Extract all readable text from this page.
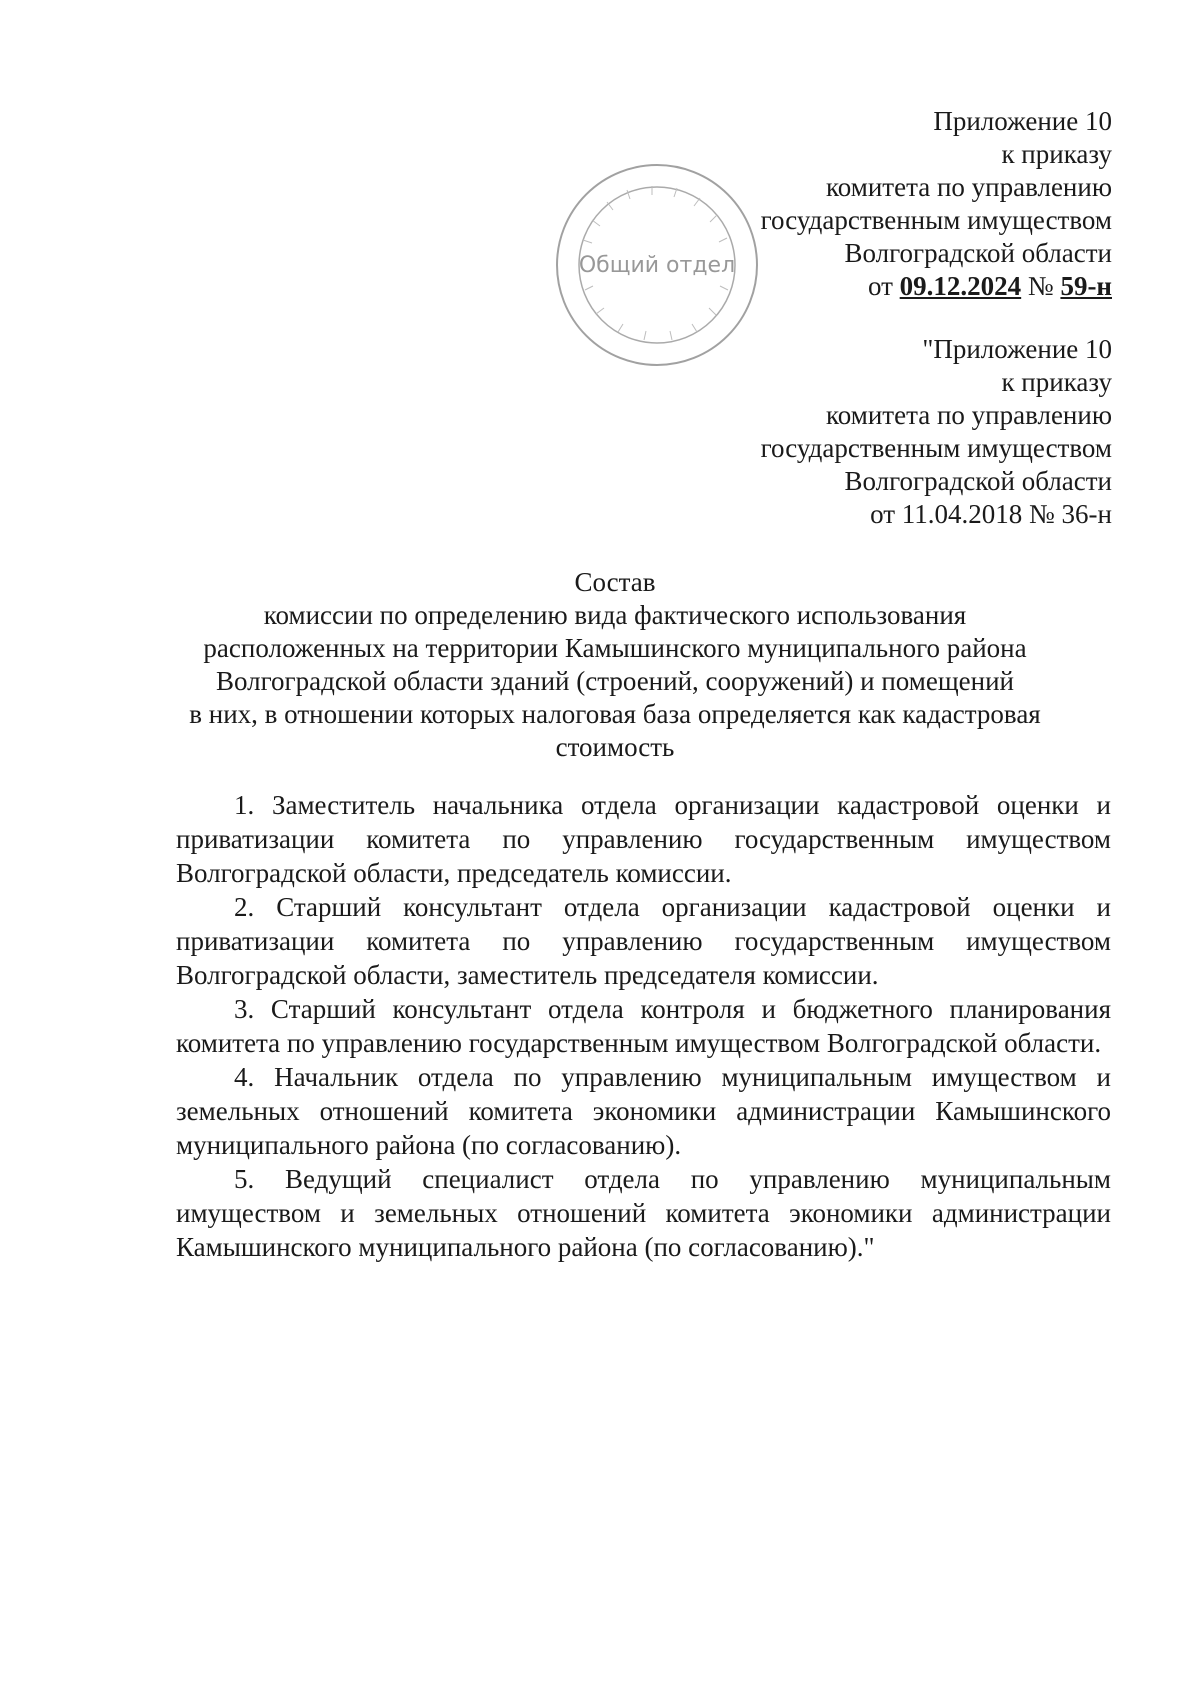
Общий отдел
Приложение 10
к приказу
комитета по управлению
государственным имуществом
Волгоградской области
от 09.12.2024 № 59-н
"Приложение 10
к приказу
комитета по управлению
государственным имуществом
Волгоградской области
от 11.04.2018 № 36-н
Состав
комиссии по определению вида фактического использования
расположенных на территории Камышинского муниципального района
Волгоградской области зданий (строений, сооружений) и помещений
в них, в отношении которых налоговая база определяется как кадастровая
стоимость

1. Заместитель начальника отдела организации кадастровой оценки и приватизации комитета по управлению государственным имуществом Волгоградской области, председатель комиссии.

2. Старший консультант отдела организации кадастровой оценки и приватизации комитета по управлению государственным имуществом Волгоградской области, заместитель председателя комиссии.

3. Старший консультант отдела контроля и бюджетного планирования комитета по управлению государственным имуществом Волгоградской области.

4. Начальник отдела по управлению муниципальным имуществом и земельных отношений комитета экономики администрации Камышинского муниципального района (по согласованию).

5. Ведущий специалист отдела по управлению муниципальным имуществом и земельных отношений комитета экономики администрации Камышинского муниципального района (по согласованию)."
